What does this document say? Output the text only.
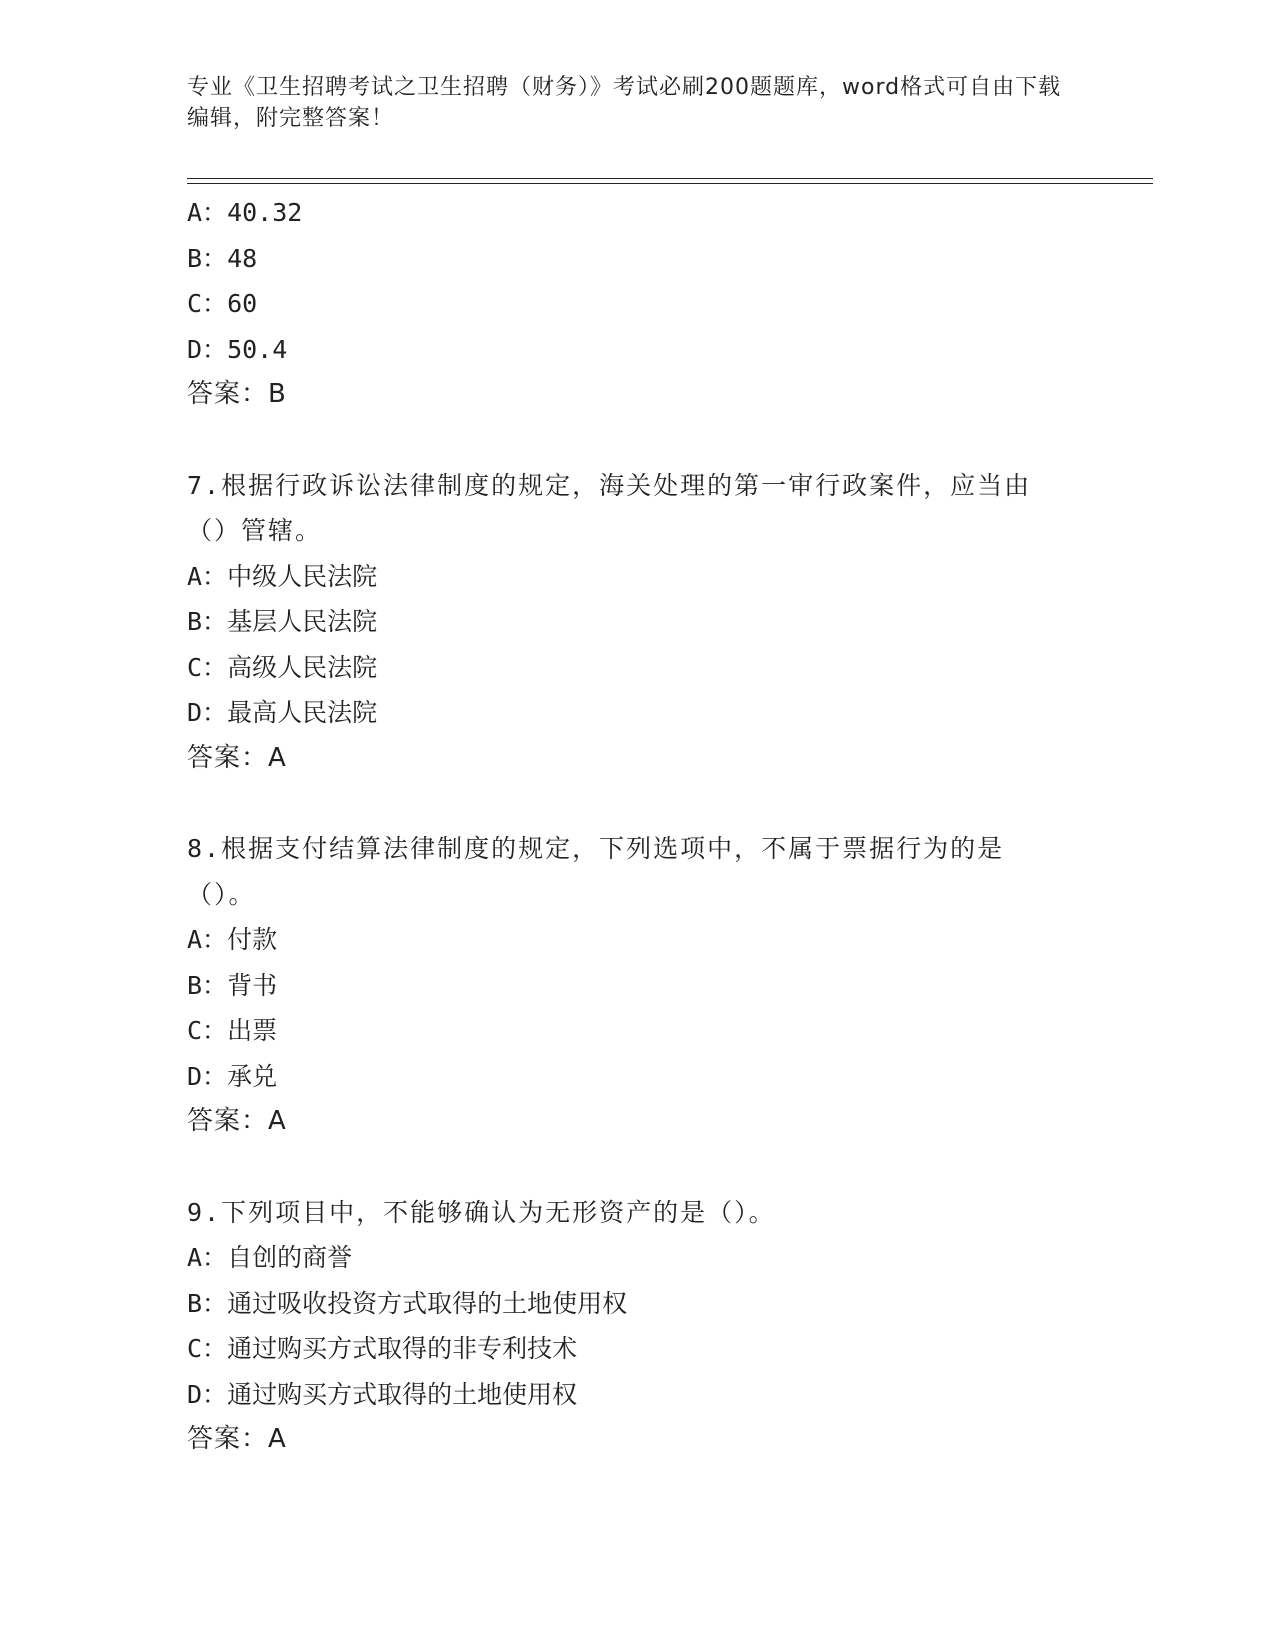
专业《卫生招聘考试之卫生招聘（财务）》考试必刷200题题库，word格式可自由下载编辑，附完整答案！
A：40.32
B：48
C：60
D：50.4
答案：B
7.根据行政诉讼法律制度的规定，海关处理的第一审行政案件，应当由（）管辖。
A：中级人民法院
B：基层人民法院
C：高级人民法院
D：最高人民法院
答案：A
8.根据支付结算法律制度的规定，下列选项中，不属于票据行为的是（）。
A：付款
B：背书
C：出票
D：承兑
答案：A
9.下列项目中，不能够确认为无形资产的是（）。
A：自创的商誉
B：通过吸收投资方式取得的土地使用权
C：通过购买方式取得的非专利技术
D：通过购买方式取得的土地使用权
答案：A
